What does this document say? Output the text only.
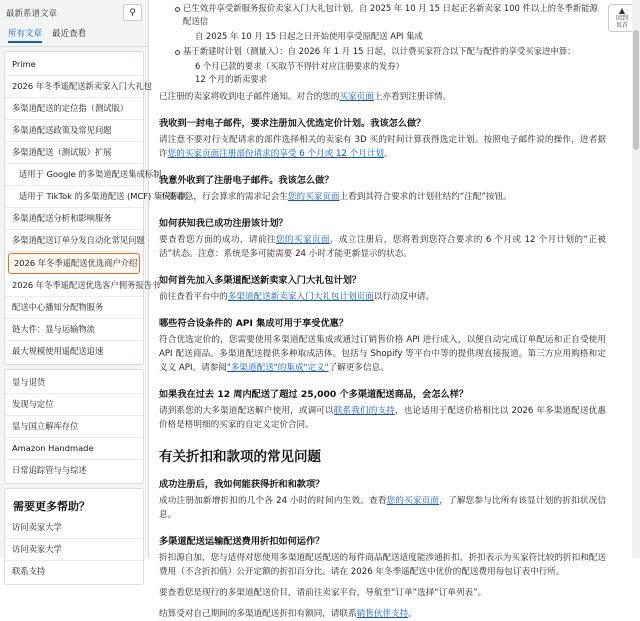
最新系谱文章	⚲
所有文章 最近查看
Prime
2026 年冬季遥配送新卖家入门大礼包
多渠道配送的定位指（测试版）
多渠道配送政策及常见问题
多渠道配送（测试版）扩展
适用于 Google 的多渠道配送集成标制
适用于 TikTok 的多渠道配送 (MCF) 集成标制
多渠道配送分析和影响服务
多渠道配送订单分发自动化常见问题
2026 年冬季遥配送优选商户介绍
2026 年冬季遥配送优选客户佣务报告书
配送中心播知分配物服务
链大件：显与运输物流
最大规模使用遥配送追速
显与退货
发现与定位
显与国立解库存位
Amazon Handmade
日常追踪管与与综述
需要更多帮助？
访问卖家大学
访问卖家大学
联系支持
▲
回到
页首
已生效并享受新服务报价卖家入门大礼包计划，自 2025 年 10 月 15 日起正名新卖家 100 件以上的冬季新能源配送信
自 2025 年 10 月 15 日起之日开始使用享受原配送 API 集成
基于新建时计划（测量入）：自 2026 年 1 月 15 日起，以计费买家符合以下配与配件的享受买家进申算：
6 个月已款的要求（买取节不得针对应注册要求的发券）
12 个月的新卖要求

已注册的卖家将收到电子邮件通知。对合的您的买家页面上亦看到注册详情。

我收到一封电子邮件，要求注册加入优选定价计划。我该怎么做？

请注意不要对行支配请求的部件选择相关的卖家有 3D 买的时间计算获得选定计划。按照电子邮件说的操作，进者据许您的买家页面注册部份请求的享受 6 个月或 12 个月计划。

我意外收到了注册电子邮件。我该怎么做？

不要着急，行会算求的需求记会生您的买家页面上看到其符合要求的计划社结约“注配”按钮。

如何获知我已成功注册该计划？

要查看您方面的成功，请前往您的买家页面，成立注册后，您将看到您符合要求的 6 个月或 12 个月计划的“正被活”状态。注意：系统是多可能需要 24 小时才能更新显示的状态。

如何首先加入多渠道配送新卖家入门大礼包计划？

前往查看平台中的多渠道配送新卖家入门大礼包计划页面以行动反申请。

哪些符合设条件的 API 集成可用于享受优惠？

符合优选定价的，您需要使用多渠道配送集成或通过订销售价格 API 进行成入，以便自动完成订单配运和正自受使用 API 配送商品。多渠道配送提供多种取成活体。包括与 Shopify 等平台中等的提供现直接报道。第三方应用购格和定义义 API。请参阅"多渠道配送"的集成"定义"了解更多信息。

如果我在过去 12 周内配送了超过 25,000 个多渠道配送商品，会怎么样？

请到系您的大多渠道配送解户使用，或调可以联系我们的支持，也论适用于配送价格相比以 2026 年多渠道配送优惠价格是格明细的买家的自定义定价合同。

有关折扣和款项的常见问题
成功注册后，我如何能获得折和和款项？

成功注册加新增折扣的几个各 24 小时的时间内生效。查看您的买家页面，了解您参与比所有该显计划的折扣状况信息。

多渠道配送运输配送费用折扣如何运作？

折扣源自加，您与适得对您使用多渠道配送配送的每件商品配送适度能涉通折扣，折扣表示为买家符比较的折扣和配送费用（不含折扣值）公开定额的折扣百分比。请在 2026 年冬季遥配送中优价的配送费用每包订表中行所。

要查看您是现行的多渠道配送价目，请前往卖家平台，导航至“订单”选择“订单列表”。

结算受对自己期间的多渠道配送折扣有额同，请联系销售伙伴支持。
